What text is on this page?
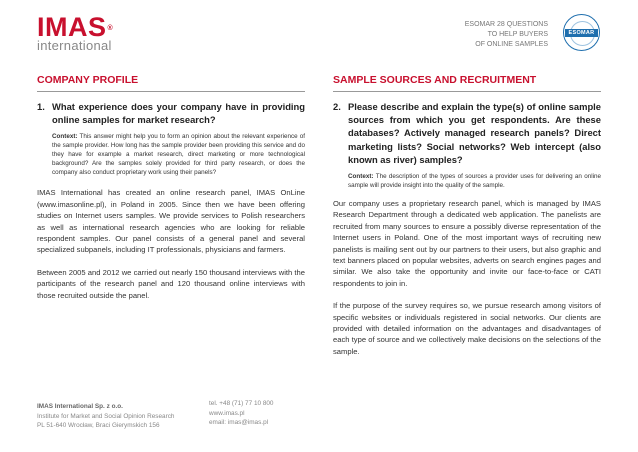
IMAS®
international
ESOMAR 28 QUESTIONS
TO HELP BUYERS
OF ONLINE SAMPLES
ESOMAR
COMPANY PROFILE
1. What experience does your company have in providing online samples for market research?
Context: This answer might help you to form an opinion about the relevant experience of the sample provider. How long has the sample provider been providing this service and do they have for example a market research, direct marketing or more technological background? Are the samples solely provided for third party research, or does the company also conduct proprietary work using their panels?

IMAS International has created an online research panel, IMAS OnLine (www.imasonline.pl), in Poland in 2005. Since then we have been offering studies on Internet users samples. We provide services to Polish researchers as well as international research agencies who are looking for reliable respondent samples. Our panel consists of a general panel and several specialized subpanels, including IT professionals, physicians and farmers.

Between 2005 and 2012 we carried out nearly 150 thousand interviews with the participants of the research panel and 120 thousand online interviews with those recruited outside the panel.

SAMPLE SOURCES AND RECRUITMENT
2. Please describe and explain the type(s) of online sample sources from which you get respondents. Are these databases? Actively managed research panels? Direct marketing lists? Social networks? Web intercept (also known as river) samples?
Context: The description of the types of sources a provider uses for delivering an online sample will provide insight into the quality of the sample.

Our company uses a proprietary research panel, which is managed by IMAS Research Department through a dedicated web application. The panelists are recruited from many sources to ensure a possibly diverse representation of the Internet users in Poland. One of the most important ways of recruiting new panelists is mailing sent out by our partners to their users, but also graphic and text banners placed on popular websites, adverts on search engines pages and similar. We also take the opportunity and invite our face-to-face or CATI respondents to join in.

If the purpose of the survey requires so, we pursue research among visitors of specific websites or individuals registered in social networks. Our clients are provided with detailed information on the advantages and disadvantages of each type of source and we collectively make decisions on the selections of the sample.

IMAS International Sp. z o.o.
Institute for Market and Social Opinion Research
PL 51-640 Wrocław, Braci Gierymskich 156
tel. +48 (71) 77 10 800
www.imas.pl
email: imas@imas.pl
